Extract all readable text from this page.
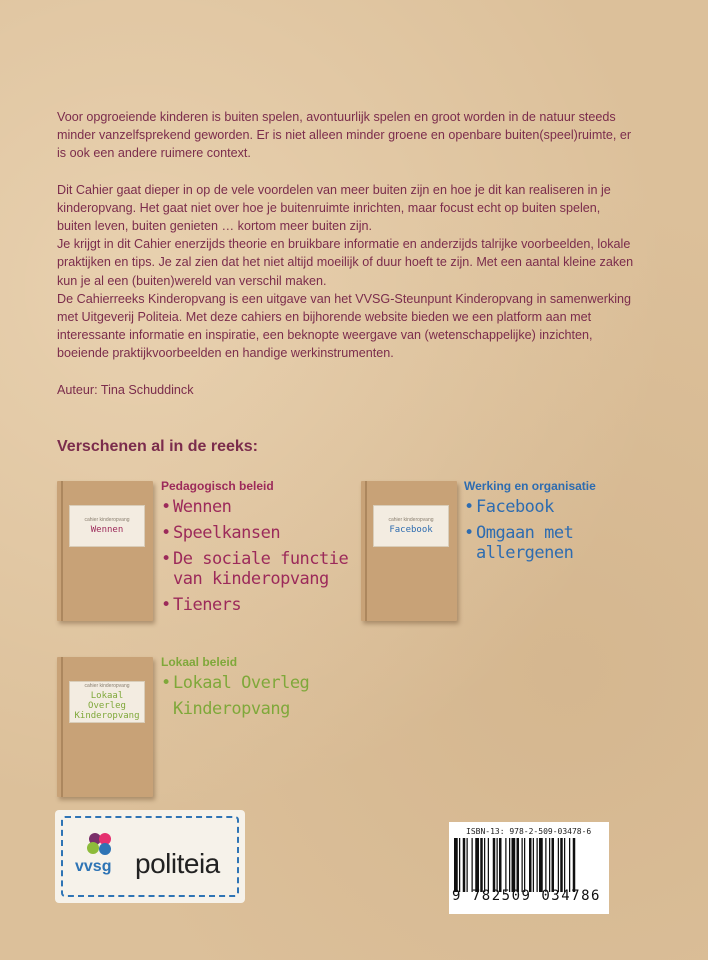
Voor opgroeiende kinderen is buiten spelen, avontuurlijk spelen en groot worden in de natuur steeds minder vanzelfsprekend geworden. Er is niet alleen minder groene en openbare buiten(speel)ruimte, er is ook een andere ruimere context.

Dit Cahier gaat dieper in op de vele voordelen van meer buiten zijn en hoe je dit kan realiseren in je kinderopvang. Het gaat niet over hoe je buitenruimte inrichten, maar focust echt op buiten spelen, buiten leven, buiten genieten … kortom meer buiten zijn.

Je krijgt in dit Cahier enerzijds theorie en bruikbare informatie en anderzijds talrijke voorbeelden, lokale praktijken en tips. Je zal zien dat het niet altijd moeilijk of duur hoeft te zijn. Met een aantal kleine zaken kun je al een (buiten)wereld van verschil maken.

De Cahierreeks Kinderopvang is een uitgave van het VVSG-Steunpunt Kinderopvang in samenwerking met Uitgeverij Politeia. Met deze cahiers en bijhorende website bieden we een platform aan met interessante informatie en inspiratie, een beknopte weergave van (wetenschappelijke) inzichten, boeiende praktijkvoorbeelden en handige werkinstrumenten.

Auteur: Tina Schuddinck

Verschenen al in de reeks:
cahier kinderopvang
Wennen
Pedagogisch beleid
• Wennen
• Speelkansen
• De sociale functie
van kinderopvang
• Tieners
cahier kinderopvang
Facebook
Werking en organisatie
• Facebook
• Omgaan met
allergenen
cahier kinderopvang
Lokaal Overleg
Kinderopvang
Lokaal beleid
• Lokaal Overleg
Kinderopvang
vvsg politeia

ISBN-13: 978-2-509-03478-6

9 782509 034786
